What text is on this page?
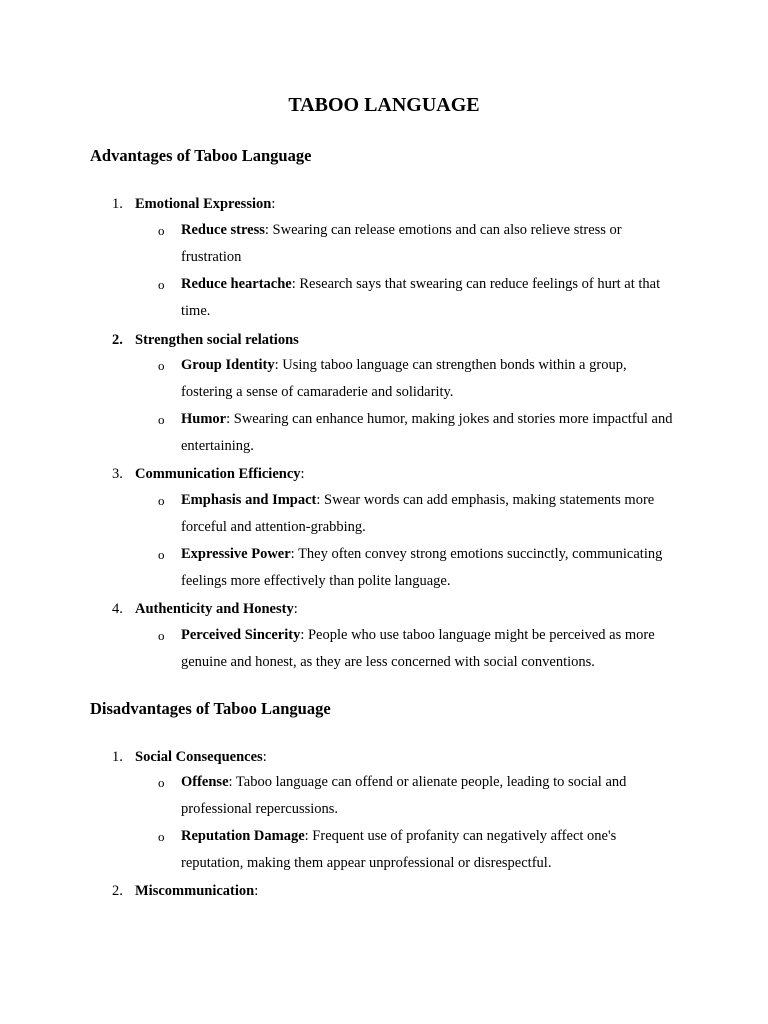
TABOO LANGUAGE
Advantages of Taboo Language
1. Emotional Expression:
o Reduce stress: Swearing can release emotions and can also relieve stress or frustration
o Reduce heartache: Research says that swearing can reduce feelings of hurt at that time.
2. Strengthen social relations
o Group Identity: Using taboo language can strengthen bonds within a group, fostering a sense of camaraderie and solidarity.
o Humor: Swearing can enhance humor, making jokes and stories more impactful and entertaining.
3. Communication Efficiency:
o Emphasis and Impact: Swear words can add emphasis, making statements more forceful and attention-grabbing.
o Expressive Power: They often convey strong emotions succinctly, communicating feelings more effectively than polite language.
4. Authenticity and Honesty:
o Perceived Sincerity: People who use taboo language might be perceived as more genuine and honest, as they are less concerned with social conventions.
Disadvantages of Taboo Language
1. Social Consequences:
o Offense: Taboo language can offend or alienate people, leading to social and professional repercussions.
o Reputation Damage: Frequent use of profanity can negatively affect one's reputation, making them appear unprofessional or disrespectful.
2. Miscommunication:
